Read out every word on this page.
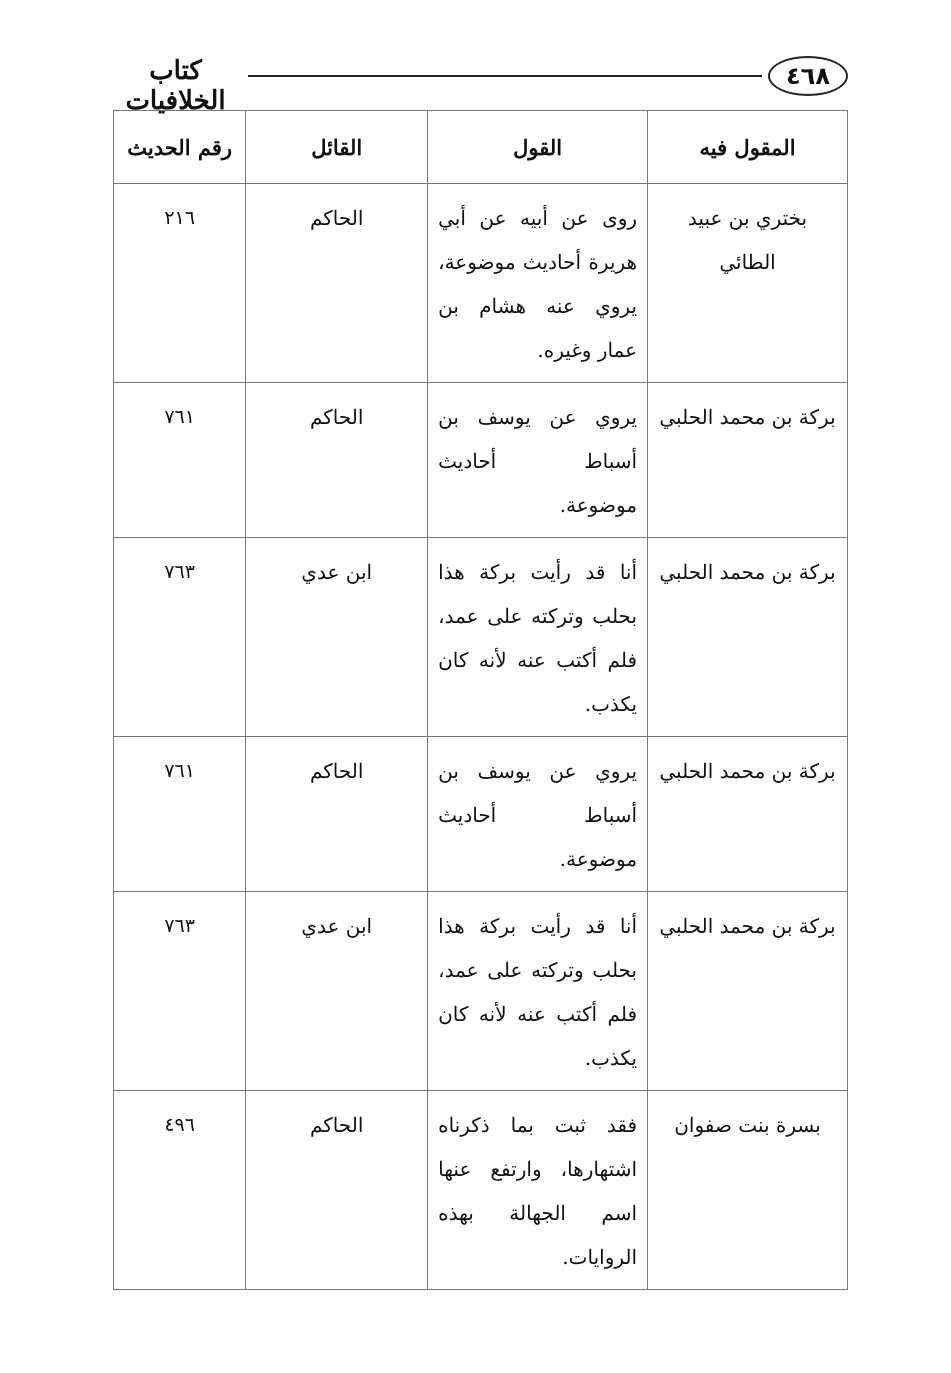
كتاب الخلافيات
٤٦٨
المقول فيه	القول	القائل	رقم الحديث
بختري بن عبيد الطائي	روى عن أبيه عن أبي هريرة أحاديث موضوعة، يروي عنه هشام بن عمار وغيره.	الحاكم	٢١٦
بركة بن محمد الحلبي	يروي عن يوسف بن أسباط أحاديث موضوعة.	الحاكم	٧٦١
بركة بن محمد الحلبي	أنا قد رأيت بركة هذا بحلب وتركته على عمد، فلم أكتب عنه لأنه كان يكذب.	ابن عدي	٧٦٣
بركة بن محمد الحلبي	يروي عن يوسف بن أسباط أحاديث موضوعة.	الحاكم	٧٦١
بركة بن محمد الحلبي	أنا قد رأيت بركة هذا بحلب وتركته على عمد، فلم أكتب عنه لأنه كان يكذب.	ابن عدي	٧٦٣
بسرة بنت صفوان	فقد ثبت بما ذكرناه اشتهارها، وارتفع عنها اسم الجهالة بهذه الروايات.	الحاكم	٤٩٦
